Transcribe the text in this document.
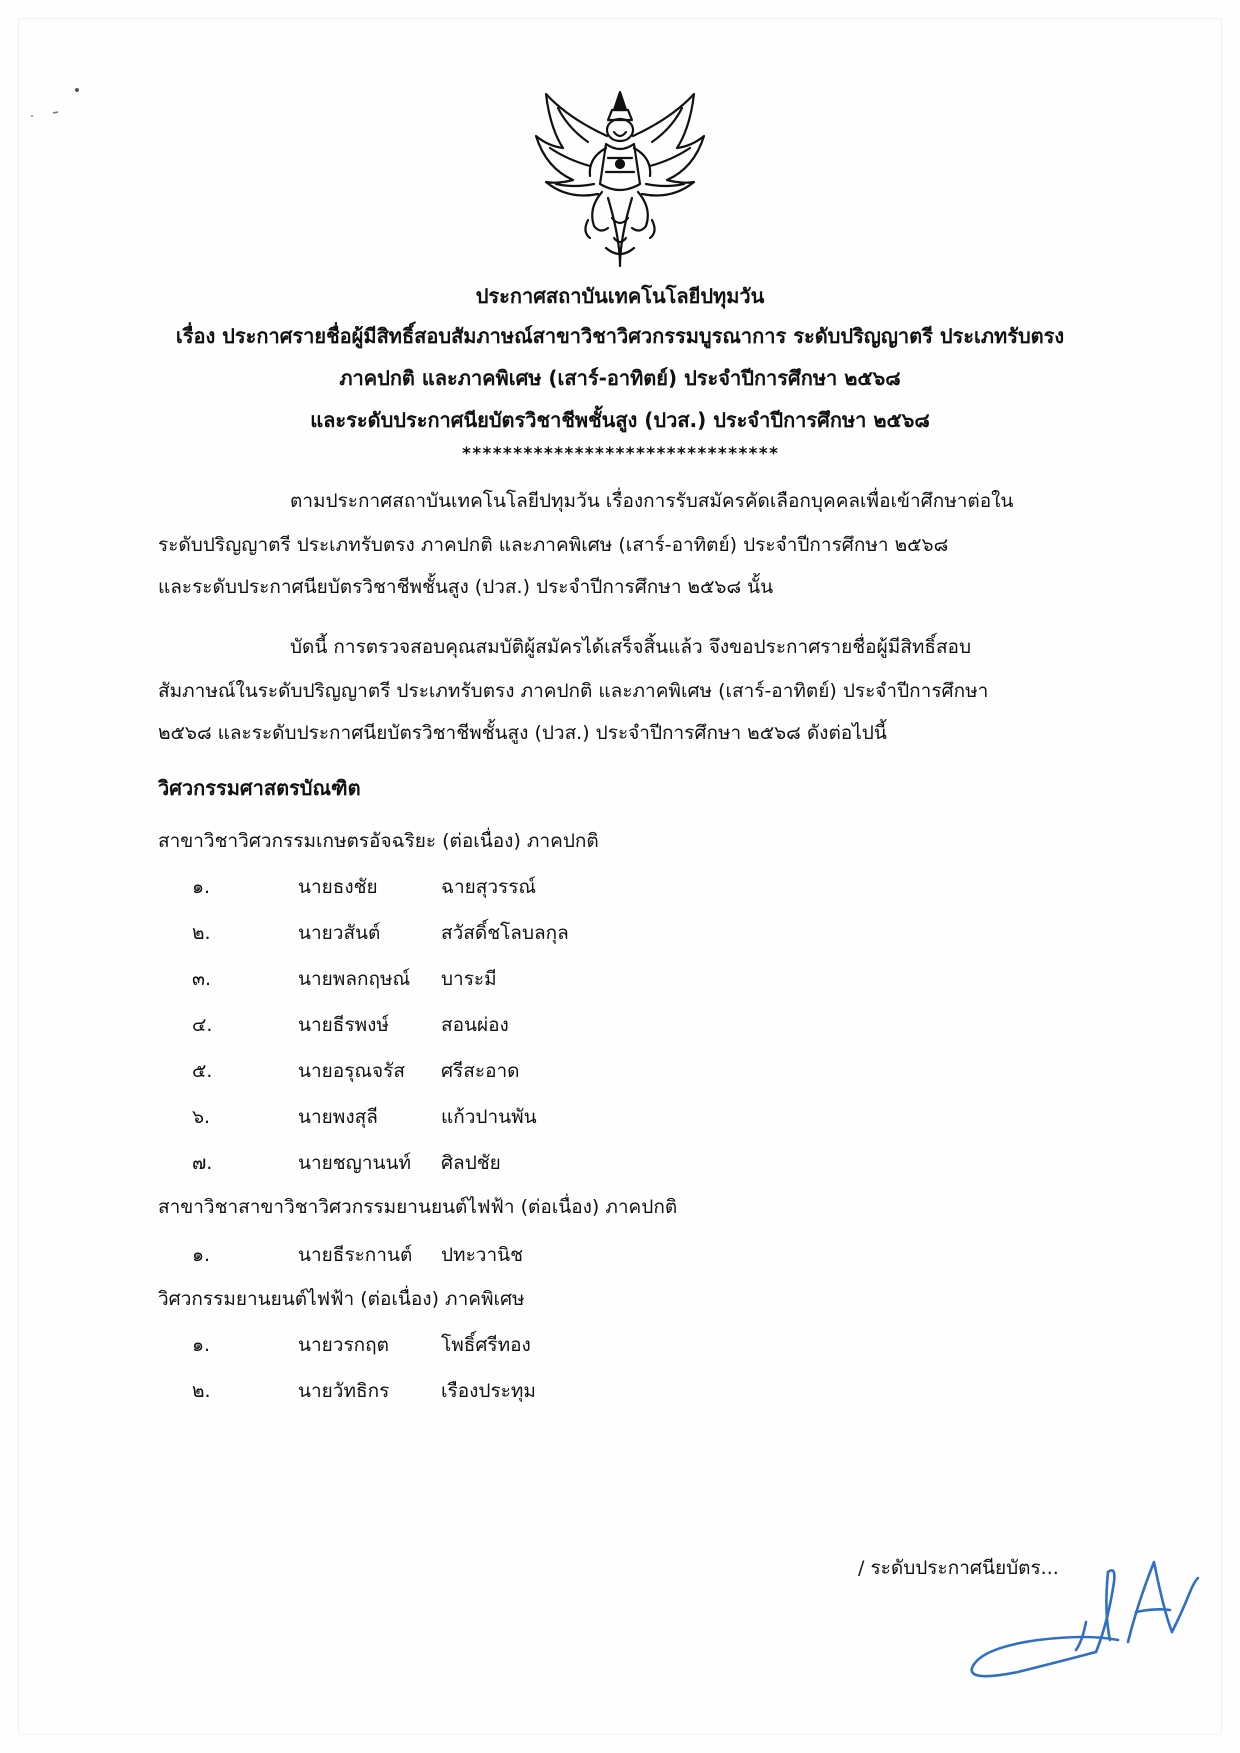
ประกาศสถาบันเทคโนโลยีปทุมวัน
เรื่อง ประกาศรายชื่อผู้มีสิทธิ์สอบสัมภาษณ์สาขาวิชาวิศวกรรมบูรณาการ ระดับปริญญาตรี ประเภทรับตรง
ภาคปกติ และภาคพิเศษ (เสาร์-อาทิตย์) ประจำปีการศึกษา ๒๕๖๘
และระดับประกาศนียบัตรวิชาชีพชั้นสูง (ปวส.) ประจำปีการศึกษา ๒๕๖๘
*******************************
ตามประกาศสถาบันเทคโนโลยีปทุมวัน เรื่องการรับสมัครคัดเลือกบุคคลเพื่อเข้าศึกษาต่อใน
ระดับปริญญาตรี ประเภทรับตรง ภาคปกติ และภาคพิเศษ (เสาร์-อาทิตย์) ประจำปีการศึกษา ๒๕๖๘
และระดับประกาศนียบัตรวิชาชีพชั้นสูง (ปวส.) ประจำปีการศึกษา ๒๕๖๘ นั้น
บัดนี้ การตรวจสอบคุณสมบัติผู้สมัครได้เสร็จสิ้นแล้ว จึงขอประกาศรายชื่อผู้มีสิทธิ์สอบ
สัมภาษณ์ในระดับปริญญาตรี ประเภทรับตรง ภาคปกติ และภาคพิเศษ (เสาร์-อาทิตย์) ประจำปีการศึกษา
๒๕๖๘ และระดับประกาศนียบัตรวิชาชีพชั้นสูง (ปวส.) ประจำปีการศึกษา ๒๕๖๘ ดังต่อไปนี้
วิศวกรรมศาสตรบัณฑิต
สาขาวิชาวิศวกรรมเกษตรอัจฉริยะ (ต่อเนื่อง) ภาคปกติ
๑.	นายธงชัย	ฉายสุวรรณ์
๒.	นายวสันต์	สวัสดิ์ชโลบลกุล
๓.	นายพลกฤษณ์ บาระมี
๔.	นายธีรพงษ์	สอนผ่อง
๕.	นายอรุณจรัส ศรีสะอาด
๖.	นายพงสุลี	แก้วปานพัน
๗.	นายชญานนท์ ศิลปชัย
สาขาวิชาสาขาวิชาวิศวกรรมยานยนต์ไฟฟ้า (ต่อเนื่อง) ภาคปกติ
๑.	นายธีระกานต์ ปทะวานิช
วิศวกรรมยานยนต์ไฟฟ้า (ต่อเนื่อง) ภาคพิเศษ
๑.	นายวรกฤต	โพธิ์ศรีทอง
๒.	นายวัทธิกร	เรืองประทุม
/ ระดับประกาศนียบัตร...
